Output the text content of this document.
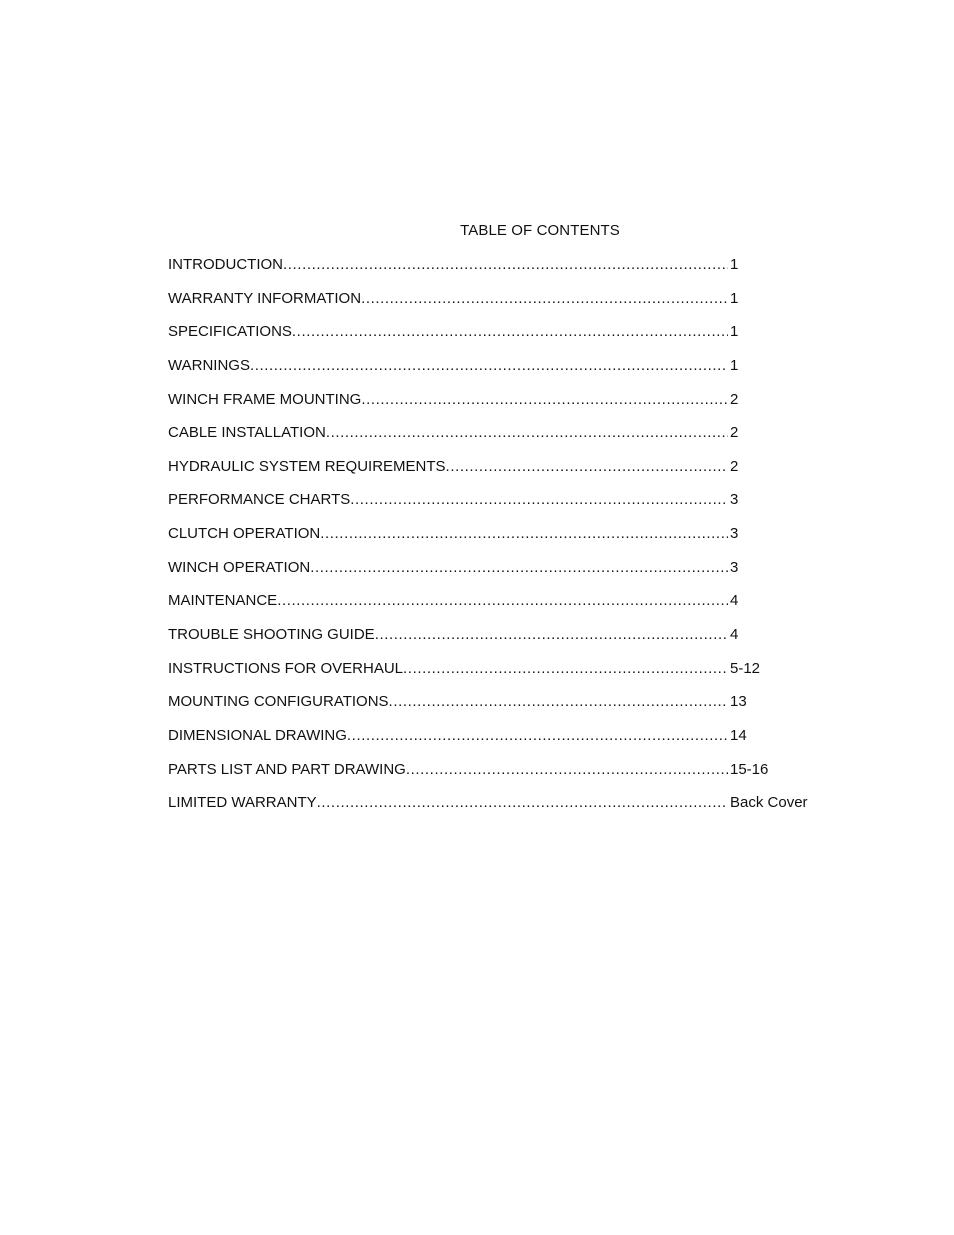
TABLE OF CONTENTS
INTRODUCTION .....	1
WARRANTY INFORMATION .....	1
SPECIFICATIONS .....	1
WARNINGS .....	1
WINCH FRAME MOUNTING .....	2
CABLE INSTALLATION .....	2
HYDRAULIC SYSTEM REQUIREMENTS .....	2
PERFORMANCE CHARTS .....	3
CLUTCH OPERATION .....	3
WINCH OPERATION .....	3
MAINTENANCE .....	4
TROUBLE SHOOTING GUIDE .....	4
INSTRUCTIONS FOR OVERHAUL .....	5-12
MOUNTING CONFIGURATIONS .....	13
DIMENSIONAL DRAWING .....	14
PARTS LIST AND PART DRAWING .....	15-16
LIMITED WARRANTY .....	Back Cover
